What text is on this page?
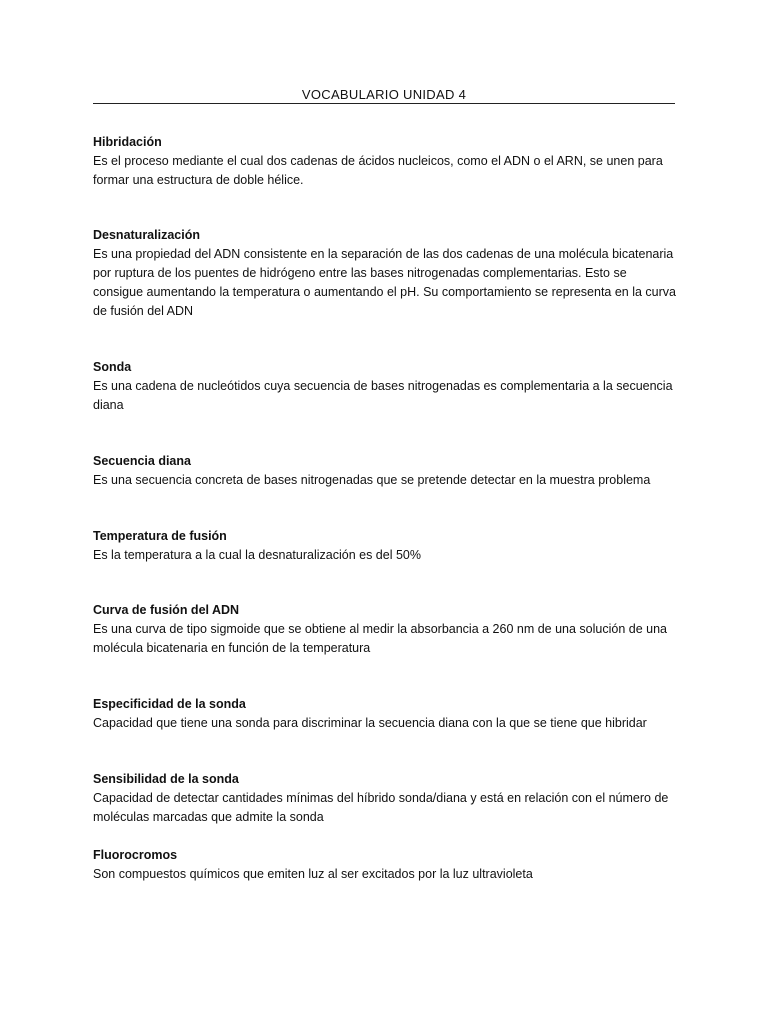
VOCABULARIO UNIDAD 4
Hibridación
Es el proceso mediante el cual dos cadenas de ácidos nucleicos, como el ADN o el ARN, se unen para formar una estructura de doble hélice.
Desnaturalización
Es una propiedad del ADN consistente en la separación de las dos cadenas de una molécula bicatenaria por ruptura de los puentes de hidrógeno entre las bases nitrogenadas complementarias. Esto se consigue aumentando la temperatura o aumentando el pH. Su comportamiento se representa en la curva de fusión del ADN
Sonda
Es una cadena de nucleótidos cuya secuencia de bases nitrogenadas es complementaria a la secuencia diana
Secuencia diana
Es una secuencia concreta de bases nitrogenadas que se pretende detectar en la muestra problema
Temperatura de fusión
Es la temperatura a la cual la desnaturalización es del 50%
Curva de fusión del ADN
Es una curva de tipo sigmoide que se obtiene al medir la absorbancia a 260 nm de una solución de una molécula bicatenaria en función de la temperatura
Especificidad de la sonda
Capacidad que tiene una sonda para discriminar la secuencia diana con la que se tiene que hibridar
Sensibilidad de la sonda
Capacidad de detectar cantidades mínimas del híbrido sonda/diana y está en relación con el número de moléculas marcadas que admite la sonda
Fluorocromos
Son compuestos químicos que emiten luz al ser excitados por la luz ultravioleta
